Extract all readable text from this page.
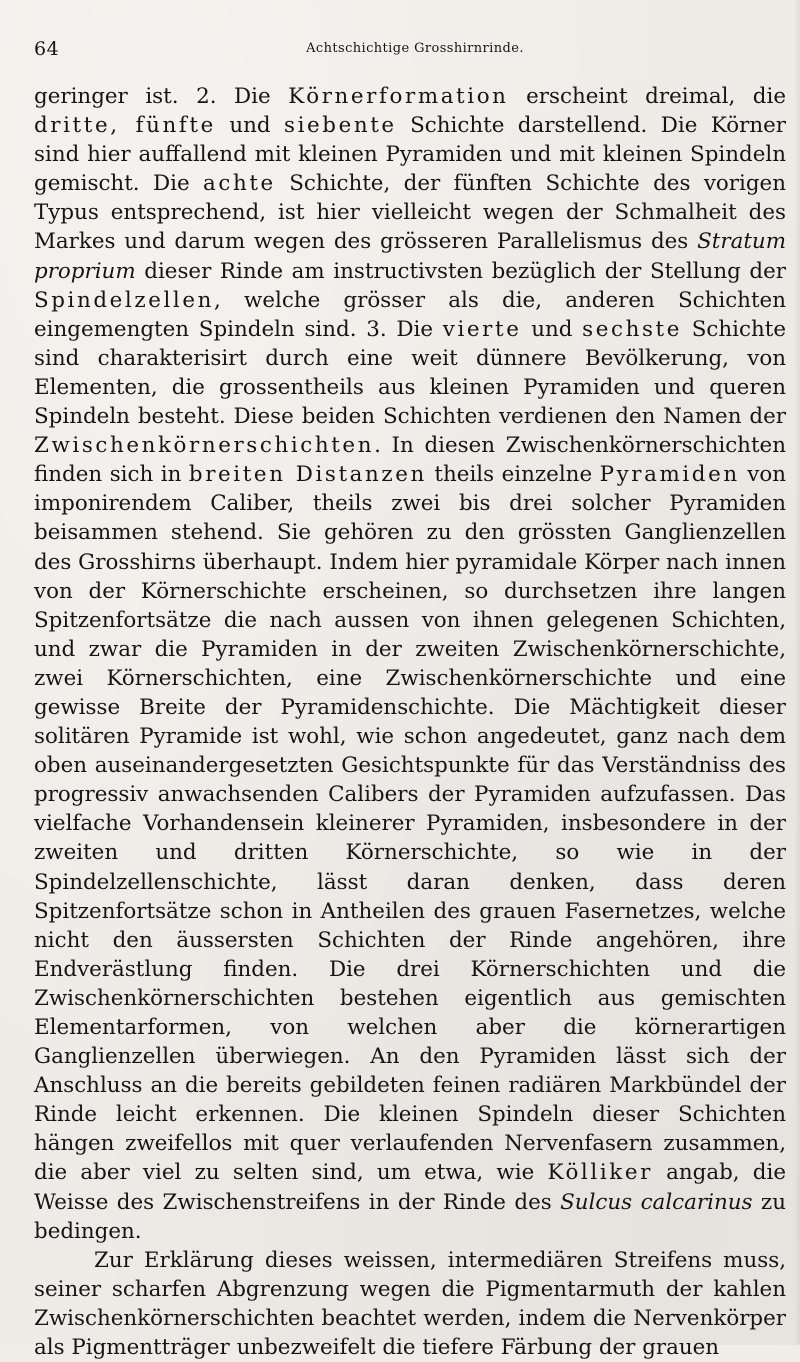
64	Achtschichtige Grosshirnrinde.

geringer ist. 2. Die Körnerformation erscheint dreimal, die dritte, fünfte und siebente Schichte darstellend. Die Körner sind hier auffallend mit kleinen Pyramiden und mit kleinen Spindeln gemischt. Die achte Schichte, der fünften Schichte des vorigen Typus entsprechend, ist hier vielleicht wegen der Schmalheit des Markes und darum wegen des grösseren Parallelismus des Stratum proprium dieser Rinde am instructivsten bezüglich der Stellung der Spindelzellen, welche grösser als die, anderen Schichten eingemengten Spindeln sind. 3. Die vierte und sechste Schichte sind charakterisirt durch eine weit dünnere Bevölkerung, von Elementen, die grossentheils aus kleinen Pyramiden und queren Spindeln besteht. Diese beiden Schichten verdienen den Namen der Zwischenkörnerschichten. In diesen Zwischenkörnerschichten finden sich in breiten Distanzen theils einzelne Pyramiden von imponirendem Caliber, theils zwei bis drei solcher Pyramiden beisammen stehend. Sie gehören zu den grössten Ganglienzellen des Grosshirns überhaupt. Indem hier pyramidale Körper nach innen von der Körnerschichte erscheinen, so durchsetzen ihre langen Spitzenfortsätze die nach aussen von ihnen gelegenen Schichten, und zwar die Pyramiden in der zweiten Zwischenkörnerschichte, zwei Körnerschichten, eine Zwischenkörnerschichte und eine gewisse Breite der Pyramidenschichte. Die Mächtigkeit dieser solitären Pyramide ist wohl, wie schon angedeutet, ganz nach dem oben auseinandergesetzten Gesichtspunkte für das Verständniss des progressiv anwachsenden Calibers der Pyramiden aufzufassen. Das vielfache Vorhandensein kleinerer Pyramiden, insbesondere in der zweiten und dritten Körnerschichte, so wie in der Spindelzellenschichte, lässt daran denken, dass deren Spitzenfortsätze schon in Antheilen des grauen Fasernetzes, welche nicht den äussersten Schichten der Rinde angehören, ihre Endverästlung finden. Die drei Körnerschichten und die Zwischenkörnerschichten bestehen eigentlich aus gemischten Elementarformen, von welchen aber die körnerartigen Ganglienzellen überwiegen. An den Pyramiden lässt sich der Anschluss an die bereits gebildeten feinen radiären Markbündel der Rinde leicht erkennen. Die kleinen Spindeln dieser Schichten hängen zweifellos mit quer verlaufenden Nervenfasern zusammen, die aber viel zu selten sind, um etwa, wie Kölliker angab, die Weisse des Zwischenstreifens in der Rinde des Sulcus calcarinus zu bedingen.

Zur Erklärung dieses weissen, intermediären Streifens muss, seiner scharfen Abgrenzung wegen die Pigmentarmuth der kahlen Zwischenkörnerschichten beachtet werden, indem die Nervenkörper als Pigmentträger unbezweifelt die tiefere Färbung der grauen
